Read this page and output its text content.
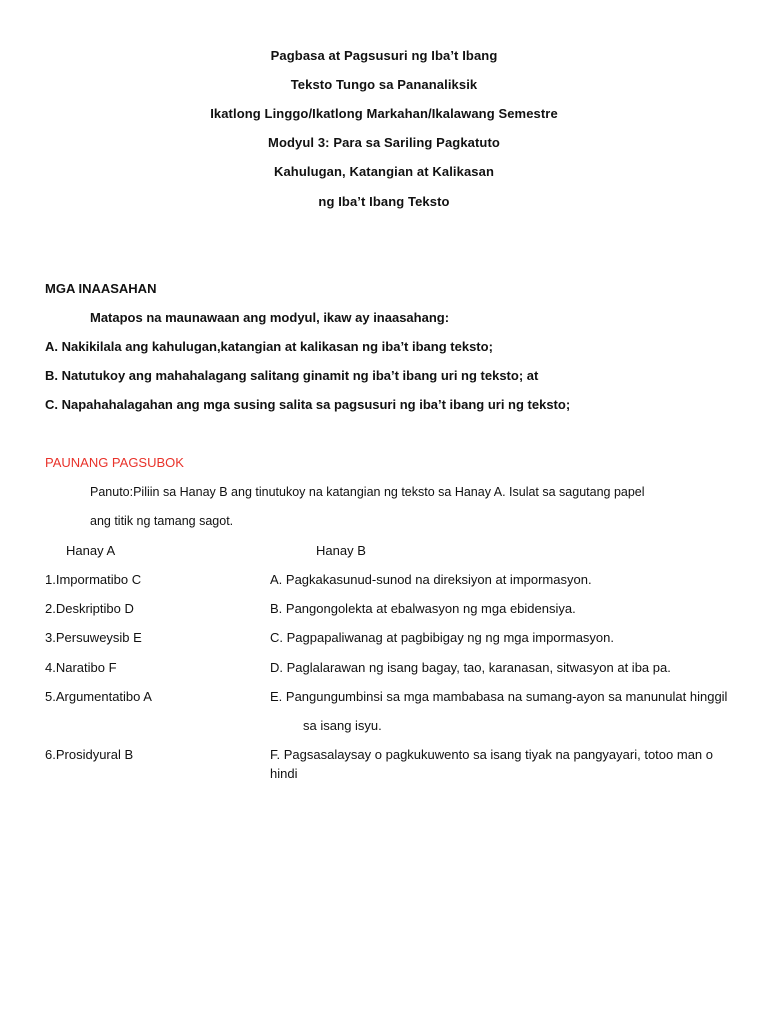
Pagbasa at Pagsusuri ng Iba’t Ibang
Teksto Tungo sa Pananaliksik
Ikatlong Linggo/Ikatlong Markahan/Ikalawang Semestre
Modyul 3: Para sa Sariling Pagkatuto
Kahulugan, Katangian at Kalikasan
ng Iba’t Ibang Teksto
MGA INAASAHAN
Matapos na maunawaan ang modyul, ikaw ay inaasahang:
A. Nakikilala ang kahulugan,katangian at kalikasan ng iba’t ibang teksto;
B. Natutukoy ang mahahalagang salitang ginamit ng iba’t ibang uri ng teksto; at
C. Napahahalagahan ang mga susing salita sa pagsusuri ng iba’t ibang uri ng teksto;
PAUNANG PAGSUBOK
Panuto:Piliin sa Hanay B ang tinutukoy na katangian ng teksto sa Hanay A. Isulat sa sagutang papel
ang titik ng tamang sagot.
Hanay A	Hanay B
1.Impormatibo C	A. Pagkakasunud-sunod na direksiyon at impormasyon.
2.Deskriptibo D	B. Pangongolekta at ebalwasyon ng mga ebidensiya.
3.Persuweysib E	C. Pagpapaliwanag at pagbibigay ng ng mga impormasyon.
4.Naratibo F	D. Paglalarawan ng isang bagay, tao, karanasan, sitwasyon at iba pa.
5.Argumentatibo A	E. Pangungumbinsi sa mga mambabasa na sumang-ayon sa manunulat hinggil
sa isang isyu.
6.Prosidyural B	F. Pagsasalaysay o pagkukuwento sa isang tiyak na pangyayari, totoo man o
hindi
